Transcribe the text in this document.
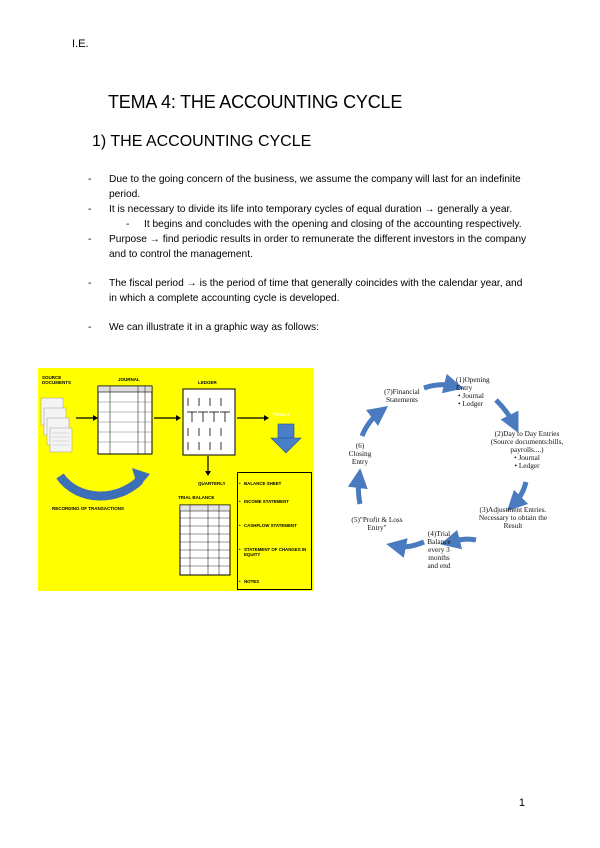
I.E.
TEMA 4: THE ACCOUNTING CYCLE
1) THE ACCOUNTING CYCLE

- Due to the going concern of the business, we assume the company will last for an indefinite period.

- It is necessary to divide its life into temporary cycles of equal duration → generally a year.

- It begins and concludes with the opening and closing of the accounting respectively.

- Purpose → find periodic results in order to remunerate the different investors in the company and to control the management.

- The fiscal period → is the period of time that generally coincides with the calendar year, and in which a complete accounting cycle is developed.

- We can illustrate it in a graphic way as follows:

SOURCE DOCUMENTS
JOURNAL
LEDGER
YEARLY
QUARTERLY
TRIAL BALANCE
RECORDING OF TRANSACTIONS
• BALANCE SHEET
• INCOME STATEMENT
• CASHFLOW STATEMENT
• STATEMENT OF CHANGES IN EQUITY
• NOTES
(1)Opening Entry
• Journal
• Ledger
(2)Day to Day Entries
(Source documents:bills, payrolls....)
• Journal
• Ledger
(3)Adjustment Entries.
Necessary to obtain the Result
(4)Trial Balance every 3 months and end
(5)"Profit & Loss Entry"
(6) Closing Entry
(7)Financial Statements
1
